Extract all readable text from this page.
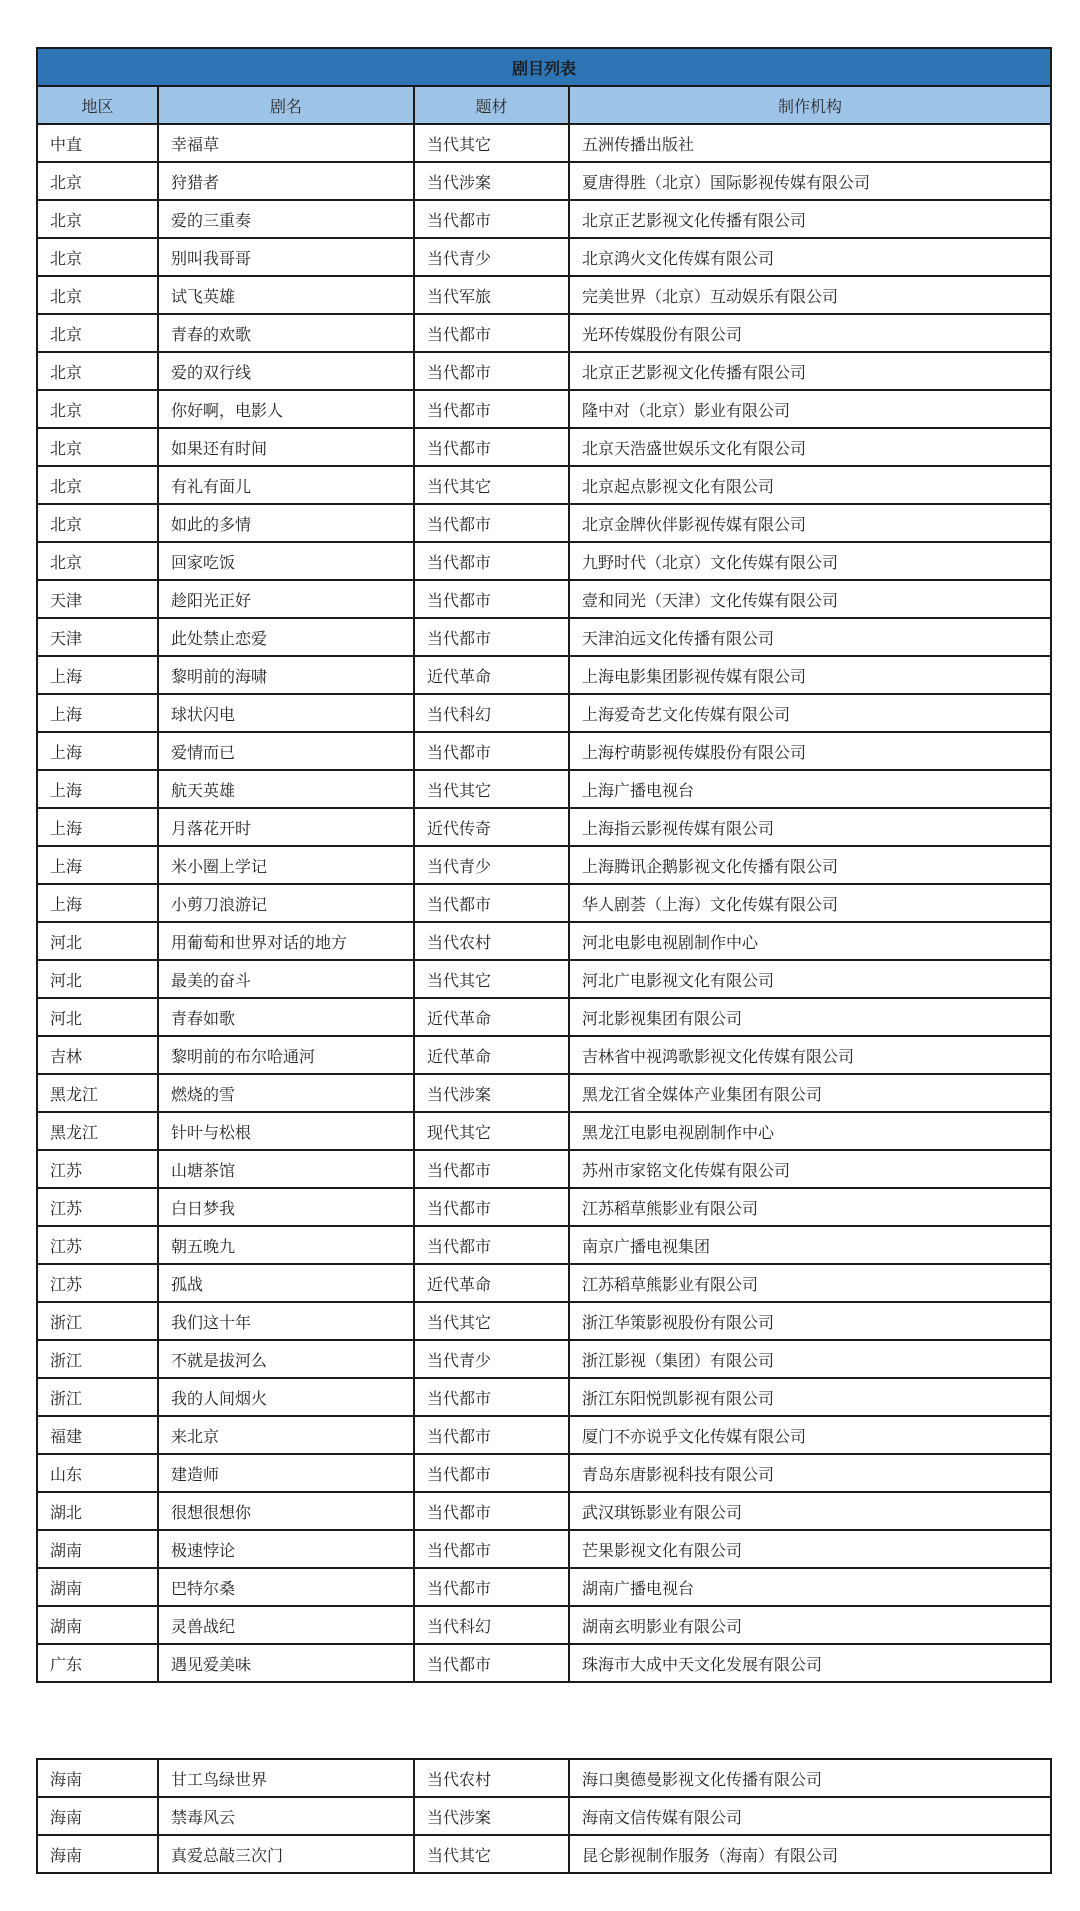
剧目列表			
地区	剧名	题材	制作机构
中直	幸福草	当代其它	五洲传播出版社
北京	狩猎者	当代涉案	夏唐得胜（北京）国际影视传媒有限公司
北京	爱的三重奏	当代都市	北京正艺影视文化传播有限公司
北京	别叫我哥哥	当代青少	北京鸿火文化传媒有限公司
北京	试飞英雄	当代军旅	完美世界（北京）互动娱乐有限公司
北京	青春的欢歌	当代都市	光环传媒股份有限公司
北京	爱的双行线	当代都市	北京正艺影视文化传播有限公司
北京	你好啊，电影人	当代都市	隆中对（北京）影业有限公司
北京	如果还有时间	当代都市	北京天浩盛世娱乐文化有限公司
北京	有礼有面儿	当代其它	北京起点影视文化有限公司
北京	如此的多情	当代都市	北京金牌伙伴影视传媒有限公司
北京	回家吃饭	当代都市	九野时代（北京）文化传媒有限公司
天津	趁阳光正好	当代都市	壹和同光（天津）文化传媒有限公司
天津	此处禁止恋爱	当代都市	天津泊远文化传播有限公司
上海	黎明前的海啸	近代革命	上海电影集团影视传媒有限公司
上海	球状闪电	当代科幻	上海爱奇艺文化传媒有限公司
上海	爱情而已	当代都市	上海柠萌影视传媒股份有限公司
上海	航天英雄	当代其它	上海广播电视台
上海	月落花开时	近代传奇	上海指云影视传媒有限公司
上海	米小圈上学记	当代青少	上海腾讯企鹅影视文化传播有限公司
上海	小剪刀浪游记	当代都市	华人剧荟（上海）文化传媒有限公司
河北	用葡萄和世界对话的地方	当代农村	河北电影电视剧制作中心
河北	最美的奋斗	当代其它	河北广电影视文化有限公司
河北	青春如歌	近代革命	河北影视集团有限公司
吉林	黎明前的布尔哈通河	近代革命	吉林省中视鸿歌影视文化传媒有限公司
黑龙江	燃烧的雪	当代涉案	黑龙江省全媒体产业集团有限公司
黑龙江	针叶与松根	现代其它	黑龙江电影电视剧制作中心
江苏	山塘茶馆	当代都市	苏州市家铭文化传媒有限公司
江苏	白日梦我	当代都市	江苏稻草熊影业有限公司
江苏	朝五晚九	当代都市	南京广播电视集团
江苏	孤战	近代革命	江苏稻草熊影业有限公司
浙江	我们这十年	当代其它	浙江华策影视股份有限公司
浙江	不就是拔河么	当代青少	浙江影视（集团）有限公司
浙江	我的人间烟火	当代都市	浙江东阳悦凯影视有限公司
福建	来北京	当代都市	厦门不亦说乎文化传媒有限公司
山东	建造师	当代都市	青岛东唐影视科技有限公司
湖北	很想很想你	当代都市	武汉琪铄影业有限公司
湖南	极速悖论	当代都市	芒果影视文化有限公司
湖南	巴特尔桑	当代都市	湖南广播电视台
湖南	灵兽战纪	当代科幻	湖南玄明影业有限公司
广东	遇见爱美味	当代都市	珠海市大成中天文化发展有限公司
海南	甘工鸟绿世界	当代农村	海口奥德曼影视文化传播有限公司
海南	禁毒风云	当代涉案	海南文信传媒有限公司
海南	真爱总敲三次门	当代其它	昆仑影视制作服务（海南）有限公司
